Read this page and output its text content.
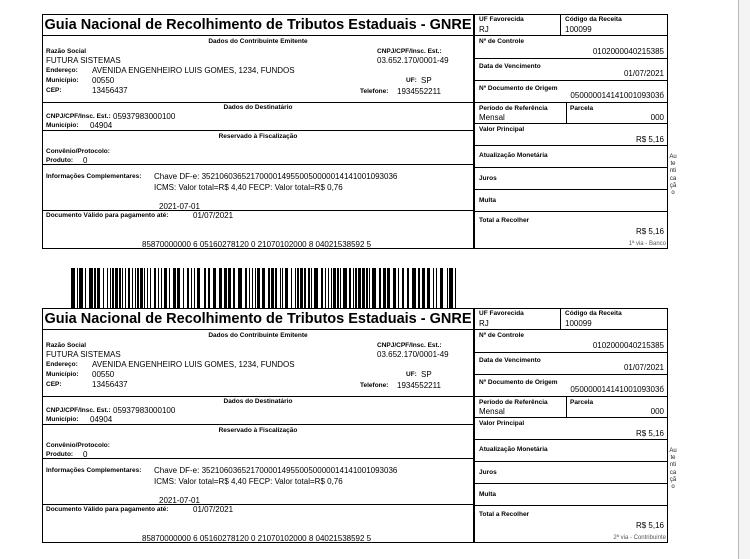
Guia Nacional de Recolhimento de Tributos Estaduais - GNRE
Dados do Contribuinte Emitente
Razão Social
FUTURA SISTEMAS
CNPJ/CPF/Insc. Est.:
03.652.170/0001-49
Endereço: AVENIDA ENGENHEIRO LUIS GOMES, 1234, FUNDOS
Município: 00550	UF: SP
CEP:	13456437	Telefone: 1934552211
Dados do Destinatário
CNPJ/CPF/Insc. Est.: 05937983000100
Município: 04904
Reservado à Fiscalização
Convênio/Protocolo:
Produto: 0
Informações Complementares: Chave DF-e: 35210603652170000149550050000014141001093036
ICMS: Valor total=R$ 4,40 FECP: Valor total=R$ 0,76
2021-07-01
Documento Válido para pagamento até:	01/07/2021
UF Favorecida
RJ
Código da Receita
100099
Nº de Controle
0102000040215385
Data de Vencimento
01/07/2021
Nº Documento de Origem
05000001414100109303б
Período de Referência
Mensal
Parcela
000
Valor Principal
R$ 5,16
Atualização Monetária
Juros
Multa
Total a Recolher
R$ 5,16
Autenticação
85870000000 6 05160278120 0 21070102000 8 04021538592 5	1ª via - Banco
Guia Nacional de Recolhimento de Tributos Estaduais - GNRE
Dados do Contribuinte Emitente
Razão Social
FUTURA SISTEMAS
CNPJ/CPF/Insc. Est.:
03.652.170/0001-49
Endereço: AVENIDA ENGENHEIRO LUIS GOMES, 1234, FUNDOS
Município: 00550	UF: SP
CEP:	13456437	Telefone: 1934552211
Dados do Destinatário
CNPJ/CPF/Insc. Est.: 05937983000100
Município: 04904
Reservado à Fiscalização
Convênio/Protocolo:
Produto: 0
Informações Complementares: Chave DF-e: 35210603652170000149550050000014141001093036
ICMS: Valor total=R$ 4,40 FECP: Valor total=R$ 0,76
2021-07-01
Documento Válido para pagamento até:	01/07/2021
UF Favorecida
RJ
Código da Receita
100099
Nº de Controle
0102000040215385
Data de Vencimento
01/07/2021
Nº Documento de Origem
05000001414100109303б
Período de Referência
Mensal
Parcela
000
Valor Principal
R$ 5,16
Atualização Monetária
Juros
Multa
Total a Recolher
R$ 5,16
Autenticação
85870000000 6 05160278120 0 21070102000 8 04021538592 5	2ª via - Contribuinte
